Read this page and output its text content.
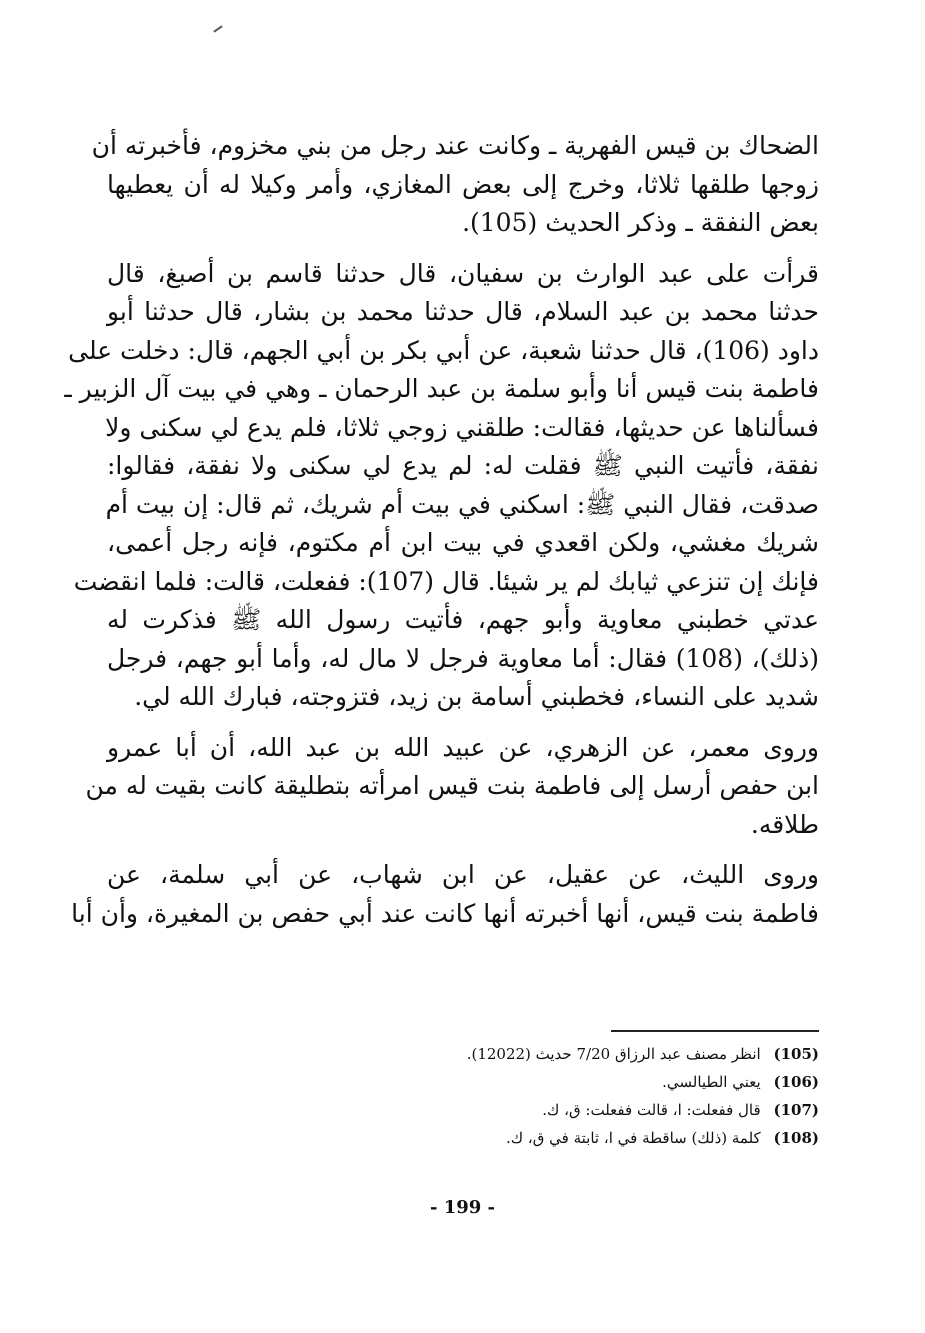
الضحاك بن قيس الفهرية ـ وكانت عند رجل من بني مخزوم، فأخبرته أن
زوجها طلقها ثلاثا، وخرج إلى بعض المغازي، وأمر وكيلا له أن يعطيها
بعض النفقة ـ وذكر الحديث (105).

قرأت على عبد الوارث بن سفيان، قال حدثنا قاسم بن أصبغ، قال
حدثنا محمد بن عبد السلام، قال حدثنا محمد بن بشار، قال حدثنا أبو
داود (106)، قال حدثنا شعبة، عن أبي بكر بن أبي الجهم، قال: دخلت على
فاطمة بنت قيس أنا وأبو سلمة بن عبد الرحمان ـ وهي في بيت آل الزبير ـ
فسألناها عن حديثها، فقالت: طلقني زوجي ثلاثا، فلم يدع لي سكنى ولا
نفقة، فأتيت النبي ﷺ فقلت له: لم يدع لي سكنى ولا نفقة، فقالوا:
صدقت، فقال النبي ﷺ: اسكني في بيت أم شريك، ثم قال: إن بيت أم
شريك مغشي، ولكن اقعدي في بيت ابن أم مكتوم، فإنه رجل أعمى،
فإنك إن تنزعي ثيابك لم ير شيئا. قال (107): ففعلت، قالت: فلما انقضت
عدتي خطبني معاوية وأبو جهم، فأتيت رسول الله ﷺ فذكرت له
(ذلك)، (108) فقال: أما معاوية فرجل لا مال له، وأما أبو جهم، فرجل
شديد على النساء، فخطبني أسامة بن زيد، فتزوجته، فبارك الله لي.

وروى معمر، عن الزهري، عن عبيد الله بن عبد الله، أن أبا عمرو
ابن حفص أرسل إلى فاطمة بنت قيس امرأته بتطليقة كانت بقيت له من
طلاقه.

وروى الليث، عن عقيل، عن ابن شهاب، عن أبي سلمة، عن
فاطمة بنت قيس، أنها أخبرته أنها كانت عند أبي حفص بن المغيرة، وأن أبا

(105) انظر مصنف عبد الرزاق 7/20 حديث (12022).
(106) يعني الطيالسي.
(107) قال ففعلت: ا، قالت ففعلت: ق، ك.
(108) كلمة (ذلك) ساقطة في ا، ثابتة في ق، ك.
- 199 -
